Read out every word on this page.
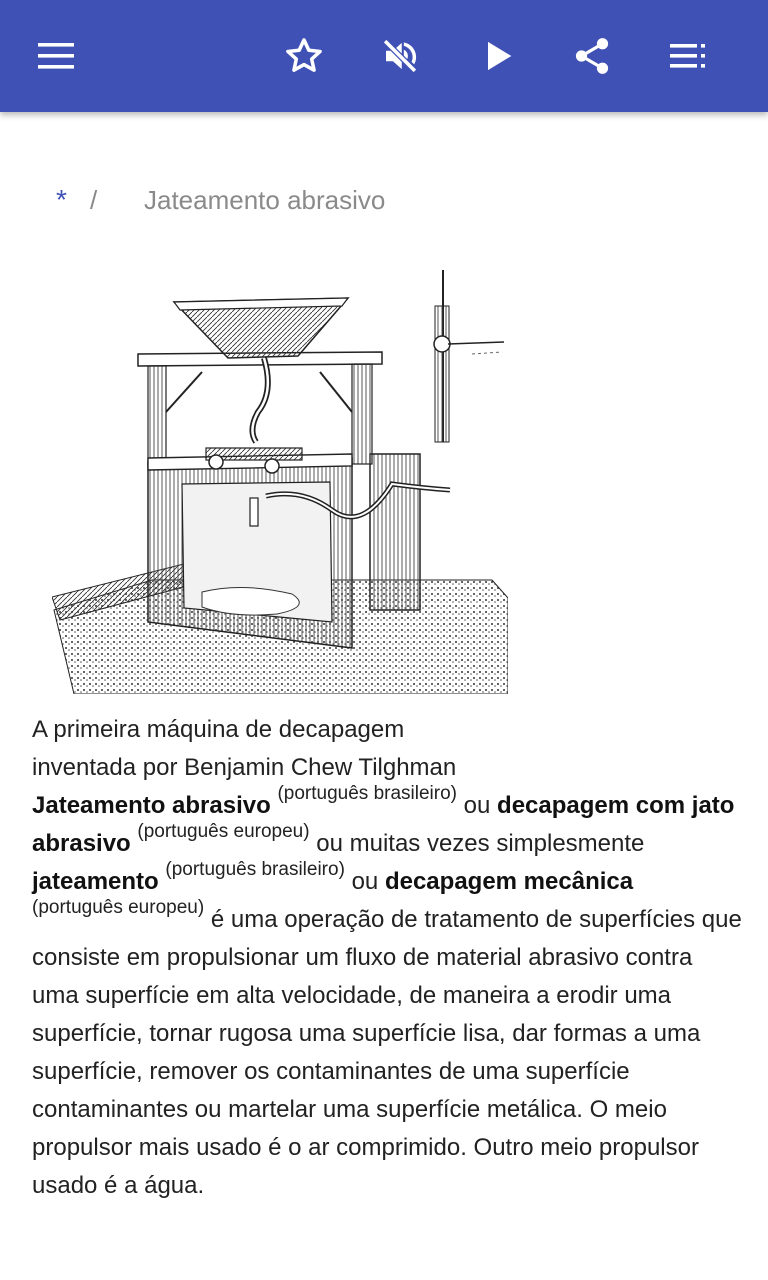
* /	Jateamento abrasivo
A primeira máquina de decapagem inventada por Benjamin Chew Tilghman
Jateamento abrasivo $^{(português brasileiro)}$ ou decapagem com jato abrasivo $^{(português europeu)}$ ou muitas vezes simplesmente jateamento $^{(português brasileiro)}$ ou decapagem mecânica
$^{(português europeu)}$ é uma operação de tratamento de superfícies que consiste em propulsionar um fluxo de material abrasivo contra uma superfície em alta velocidade, de maneira a erodir uma superfície, tornar rugosa uma superfície lisa, dar formas a uma superfície, remover os contaminantes de uma superfície contaminantes ou martelar uma superfície metálica. O meio propulsor mais usado é o ar comprimido. Outro meio propulsor usado é a água.
